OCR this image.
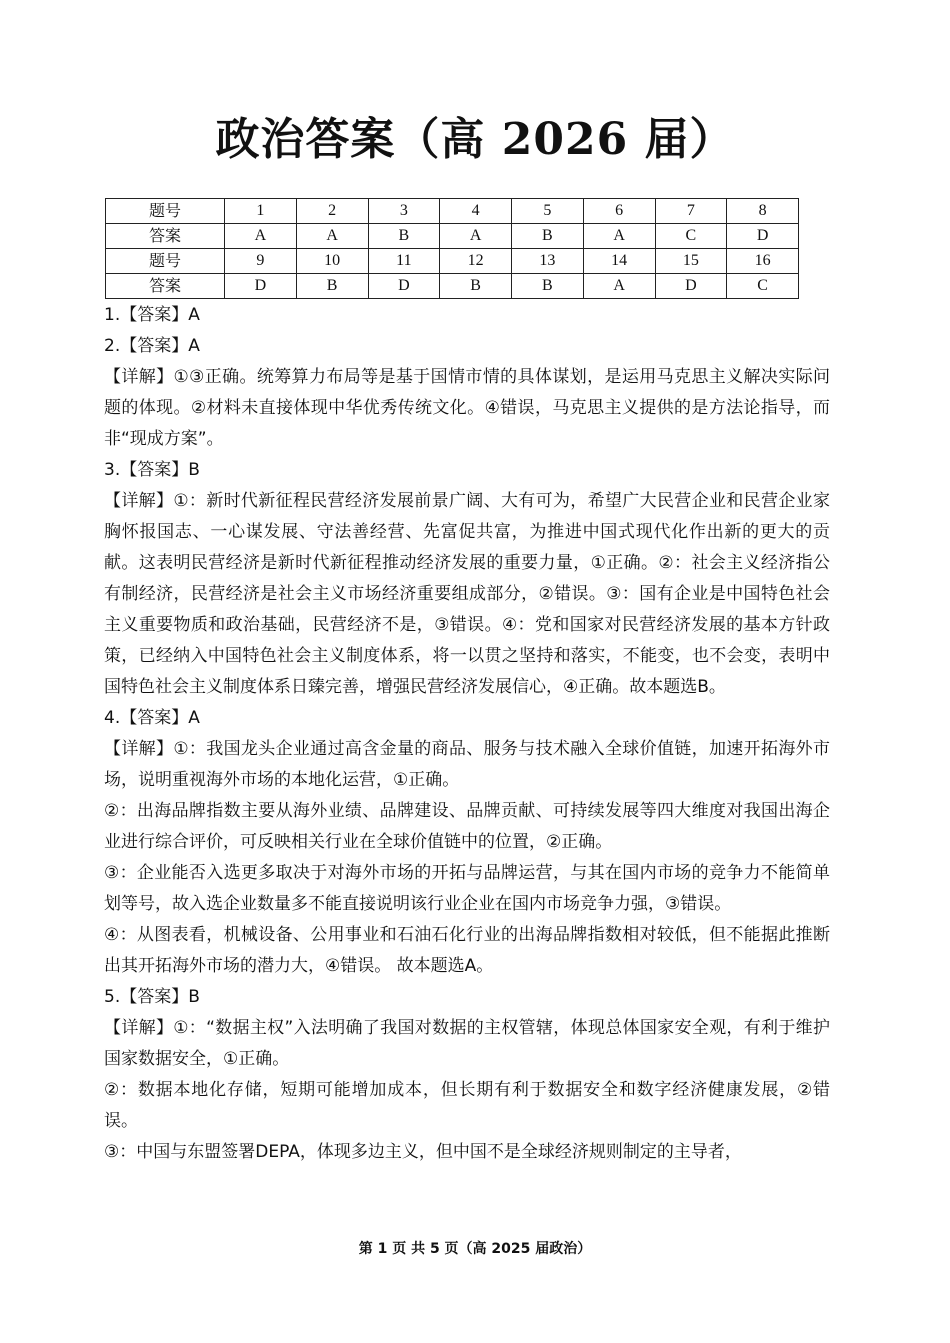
政治答案（高 2026 届）
题号	1	2	3	4	5	6	7	8
答案	A	A	B	A	B	A	C	D
题号	9	10	11	12	13	14	15	16
答案	D	B	D	B	B	A	D	C

1.【答案】A

2.【答案】A

【详解】①③正确。统筹算力布局等是基于国情市情的具体谋划，是运用马克思主义解决实际问题的体现。②材料未直接体现中华优秀传统文化。④错误，马克思主义提供的是方法论指导，而非“现成方案”。

3.【答案】B

【详解】①：新时代新征程民营经济发展前景广阔、大有可为，希望广大民营企业和民营企业家胸怀报国志、一心谋发展、守法善经营、先富促共富，为推进中国式现代化作出新的更大的贡献。这表明民营经济是新时代新征程推动经济发展的重要力量，①正确。②：社会主义经济指公有制经济，民营经济是社会主义市场经济重要组成部分，②错误。③：国有企业是中国特色社会主义重要物质和政治基础，民营经济不是，③错误。④：党和国家对民营经济发展的基本方针政策，已经纳入中国特色社会主义制度体系，将一以贯之坚持和落实，不能变，也不会变，表明中国特色社会主义制度体系日臻完善，增强民营经济发展信心，④正确。故本题选B。

4.【答案】A

【详解】①：我国龙头企业通过高含金量的商品、服务与技术融入全球价值链，加速开拓海外市场，说明重视海外市场的本地化运营，①正确。

②：出海品牌指数主要从海外业绩、品牌建设、品牌贡献、可持续发展等四大维度对我国出海企业进行综合评价，可反映相关行业在全球价值链中的位置，②正确。

③：企业能否入选更多取决于对海外市场的开拓与品牌运营，与其在国内市场的竞争力不能简单划等号，故入选企业数量多不能直接说明该行业企业在国内市场竞争力强，③错误。

④：从图表看，机械设备、公用事业和石油石化行业的出海品牌指数相对较低，但不能据此推断出其开拓海外市场的潜力大，④错误。 故本题选A。

5.【答案】B

【详解】①：“数据主权”入法明确了我国对数据的主权管辖，体现总体国家安全观，有利于维护国家数据安全，①正确。

②：数据本地化存储，短期可能增加成本，但长期有利于数据安全和数字经济健康发展，②错误。

③：中国与东盟签署DEPA，体现多边主义，但中国不是全球经济规则制定的主导者，

第 1 页 共 5 页（高 2025 届政治）
